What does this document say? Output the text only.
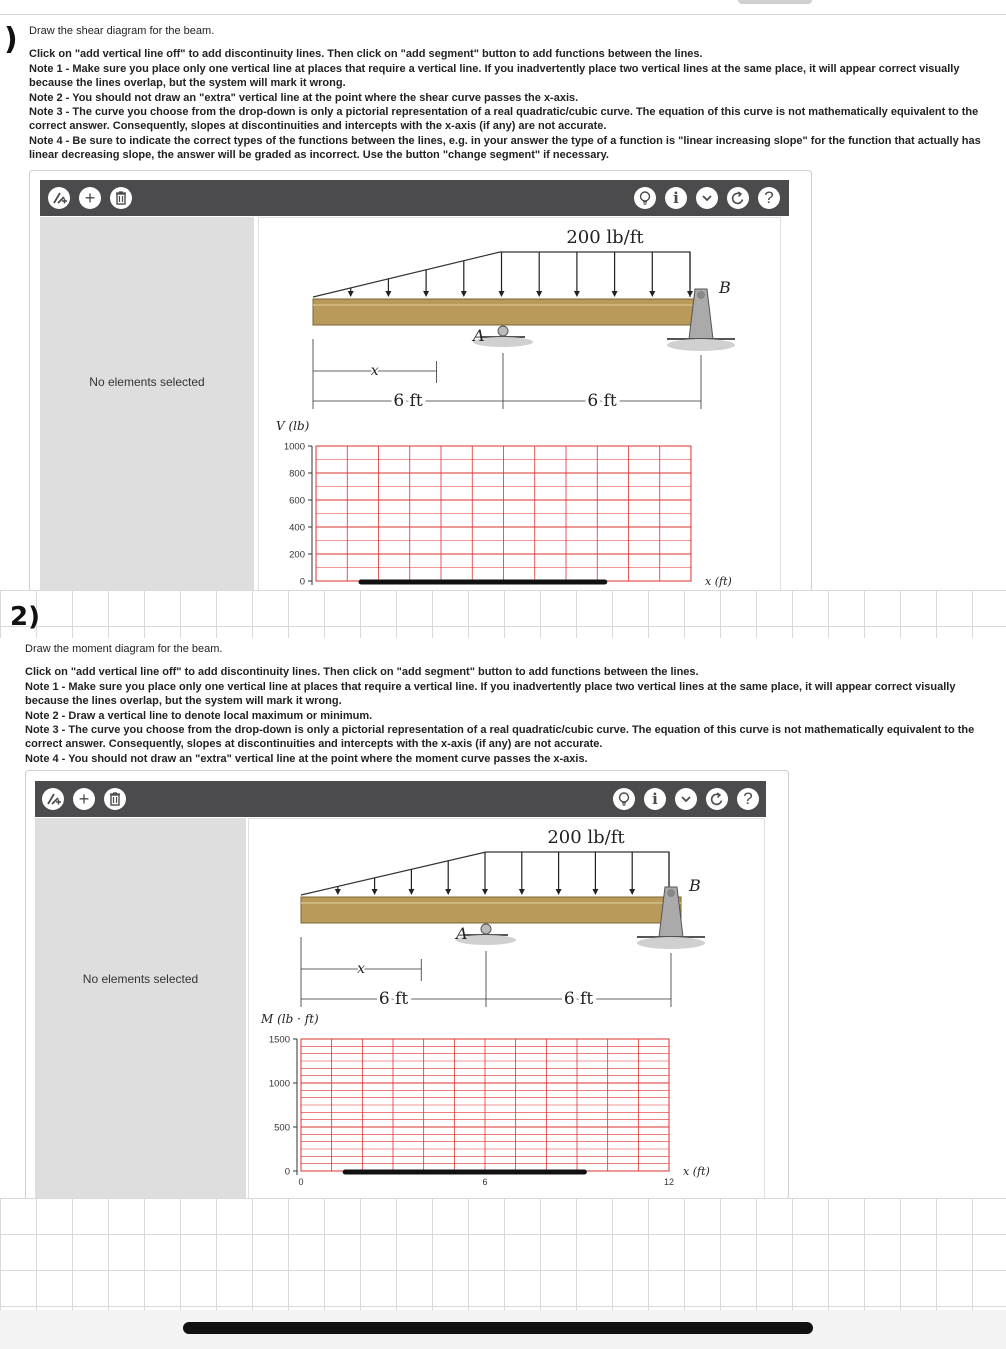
) Draw the shear diagram for the beam.
Click on "add vertical line off" to add discontinuity lines. Then click on "add segment" button to add functions between the lines.
Note 1 - Make sure you place only one vertical line at places that require a vertical line. If you inadvertently place two vertical lines at the same place, it will appear correct visually because the lines overlap, but the system will mark it wrong.
Note 2 - You should not draw an "extra" vertical line at the point where the shear curve passes the x-axis.
Note 3 - The curve you choose from the drop-down is only a pictorial representation of a real quadratic/cubic curve. The equation of this curve is not mathematically equivalent to the correct answer. Consequently, slopes at discontinuities and intercepts with the x-axis (if any) are not accurate.
Note 4 - Be sure to indicate the correct types of the functions between the lines, e.g. in your answer the type of a function is "linear increasing slope" for the function that actually has linear decreasing slope, the answer will be graded as incorrect. Use the button "change segment" if necessary.
+	i	?
No elements selected
200 lb/ft
A
B
x
6 ft	6 ft
1000
800
600
400
200
0
V (lb)
x (ft)
2)
Draw the moment diagram for the beam.
Click on "add vertical line off" to add discontinuity lines. Then click on "add segment" button to add functions between the lines.
Note 1 - Make sure you place only one vertical line at places that require a vertical line. If you inadvertently place two vertical lines at the same place, it will appear correct visually because the lines overlap, but the system will mark it wrong.
Note 2 - Draw a vertical line to denote local maximum or minimum.
Note 3 - The curve you choose from the drop-down is only a pictorial representation of a real quadratic/cubic curve. The equation of this curve is not mathematically equivalent to the correct answer. Consequently, slopes at discontinuities and intercepts with the x-axis (if any) are not accurate.
Note 4 - You should not draw an "extra" vertical line at the point where the moment curve passes the x-axis.
+	i	?
No elements selected
200 lb/ft
A
B
x
6 ft	6 ft
1500
1000
500
0
M (lb · ft)
x (ft)
0	6	12
